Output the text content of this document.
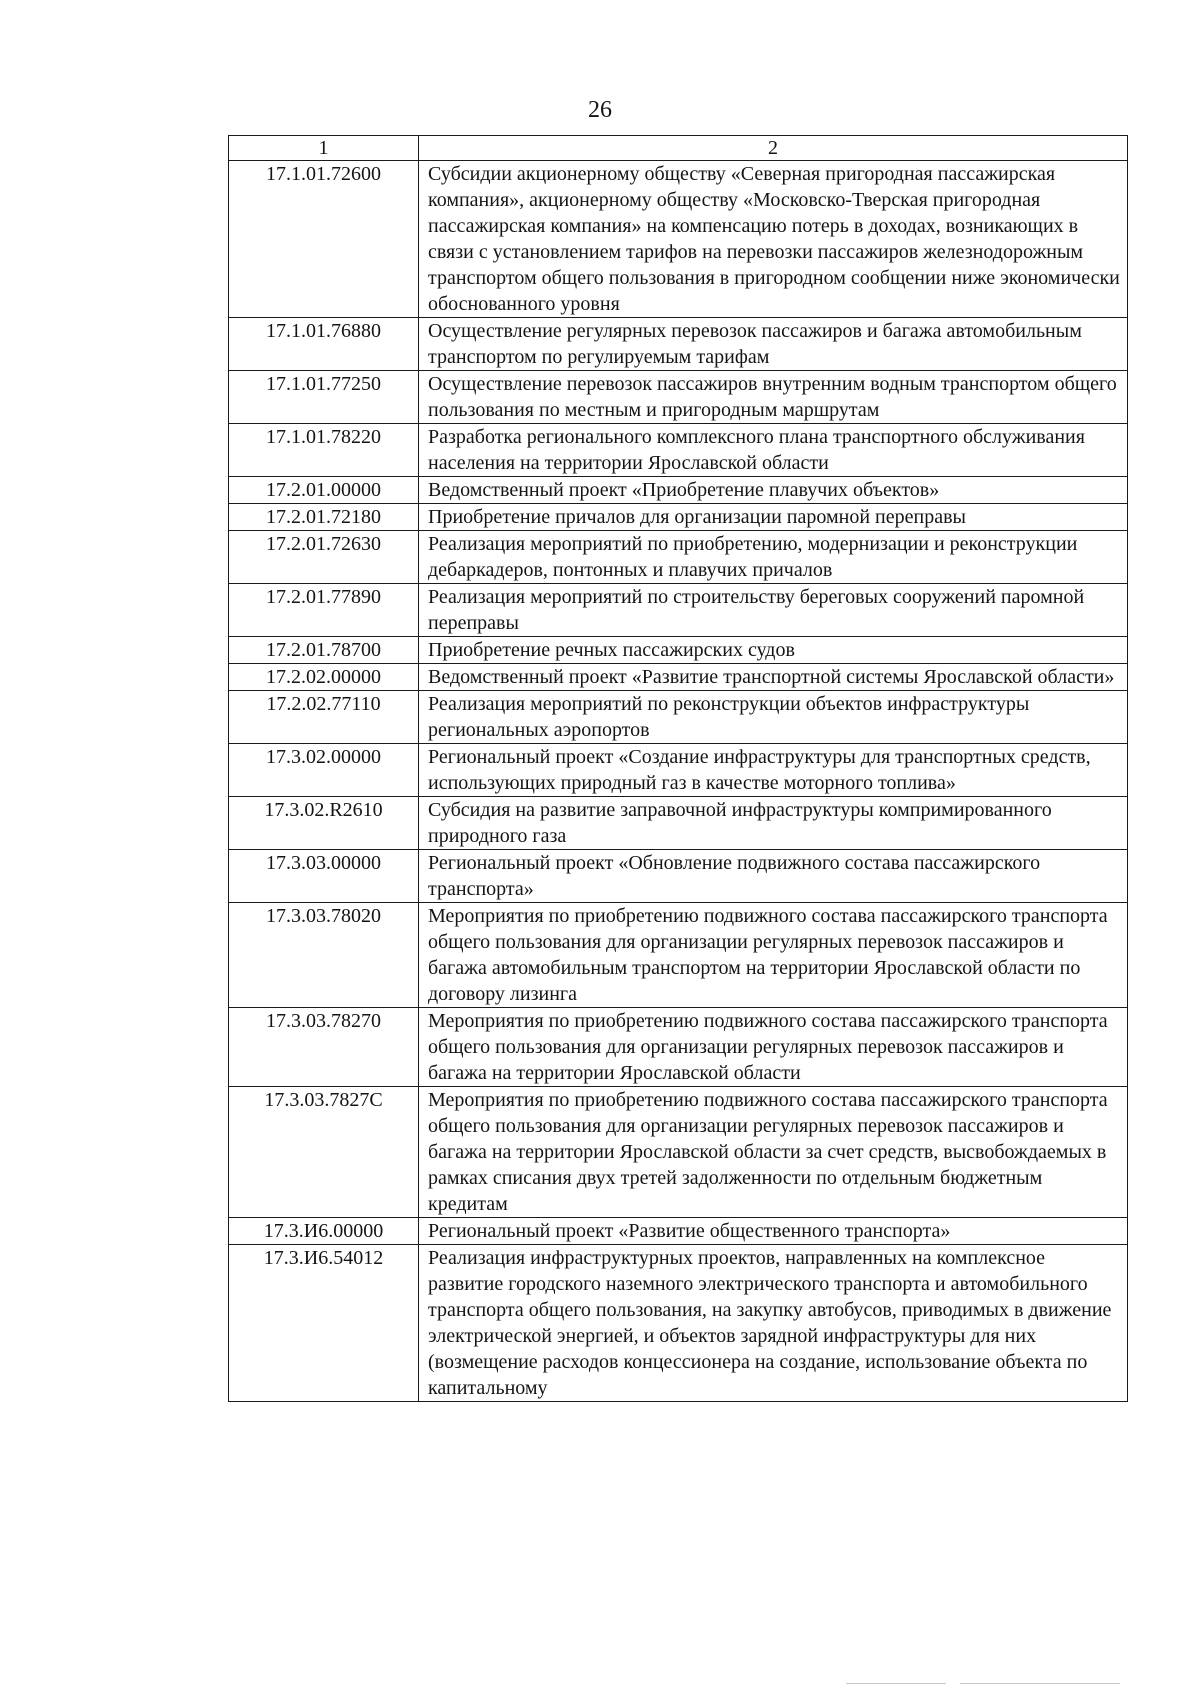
26
1	2
17.1.01.72600	Субсидии акционерному обществу «Северная пригородная пассажирская компания», акционерному обществу «Московско-Тверская пригородная пассажирская компания» на компенсацию потерь в доходах, возникающих в связи с установлением тарифов на перевозки пассажиров железнодорожным транспортом общего пользования в пригородном сообщении ниже экономически обоснованного уровня
17.1.01.76880	Осуществление регулярных перевозок пассажиров и багажа автомобильным транспортом по регулируемым тарифам
17.1.01.77250	Осуществление перевозок пассажиров внутренним водным транспортом общего пользования по местным и пригородным маршрутам
17.1.01.78220	Разработка регионального комплексного плана транспортного обслуживания населения на территории Ярославской области
17.2.01.00000	Ведомственный проект «Приобретение плавучих объектов»
17.2.01.72180	Приобретение причалов для организации паромной переправы
17.2.01.72630	Реализация мероприятий по приобретению, модернизации и реконструкции дебаркадеров, понтонных и плавучих причалов
17.2.01.77890	Реализация мероприятий по строительству береговых сооружений паромной переправы
17.2.01.78700	Приобретение речных пассажирских судов
17.2.02.00000	Ведомственный проект «Развитие транспортной системы Ярославской области»
17.2.02.77110	Реализация мероприятий по реконструкции объектов инфраструктуры региональных аэропортов
17.3.02.00000	Региональный проект «Создание инфраструктуры для транспортных средств, использующих природный газ в качестве моторного топлива»
17.3.02.R2610	Субсидия на развитие заправочной инфраструктуры компримированного природного газа
17.3.03.00000	Региональный проект «Обновление подвижного состава пассажирского транспорта»
17.3.03.78020	Мероприятия по приобретению подвижного состава пассажирского транспорта общего пользования для организации регулярных перевозок пассажиров и багажа автомобильным транспортом на территории Ярославской области по договору лизинга
17.3.03.78270	Мероприятия по приобретению подвижного состава пассажирского транспорта общего пользования для организации регулярных перевозок пассажиров и багажа на территории Ярославской области
17.3.03.7827С	Мероприятия по приобретению подвижного состава пассажирского транспорта общего пользования для организации регулярных перевозок пассажиров и багажа на территории Ярославской области за счет средств, высвобождаемых в рамках списания двух третей задолженности по отдельным бюджетным кредитам
17.3.И6.00000	Региональный проект «Развитие общественного транспорта»
17.3.И6.54012	Реализация инфраструктурных проектов, направленных на комплексное развитие городского наземного электрического транспорта и автомобильного транспорта общего пользования, на закупку автобусов, приводимых в движение электрической энергией, и объектов зарядной инфраструктуры для них (возмещение расходов концессионера на создание, использование объекта по капитальному
